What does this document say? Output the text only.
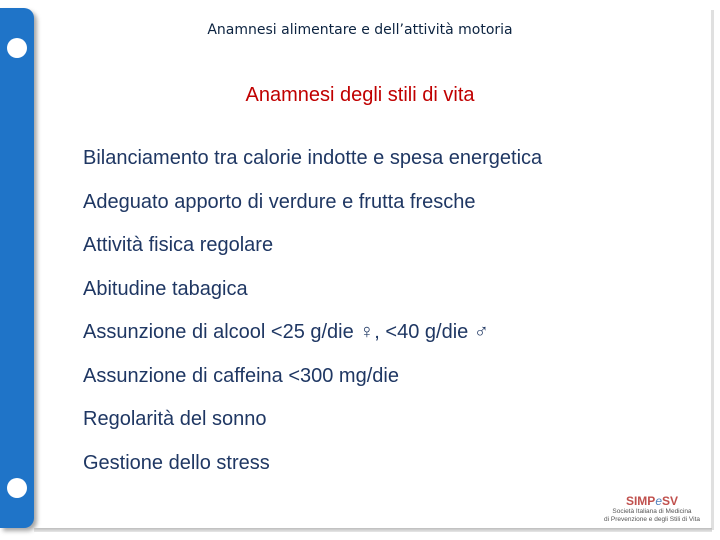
Anamnesi alimentare e dell’attività motoria
Anamnesi degli stili di vita
Bilanciamento tra calorie indotte e spesa energetica
Adeguato apporto di verdure e frutta fresche
Attività fisica regolare
Abitudine tabagica
Assunzione di alcool <25 g/die ♀, <40 g/die ♂
Assunzione di caffeina <300 mg/die
Regolarità del sonno
Gestione dello stress
SIMPeSV
Società Italiana di Medicina
di Prevenzione e degli Stili di Vita
